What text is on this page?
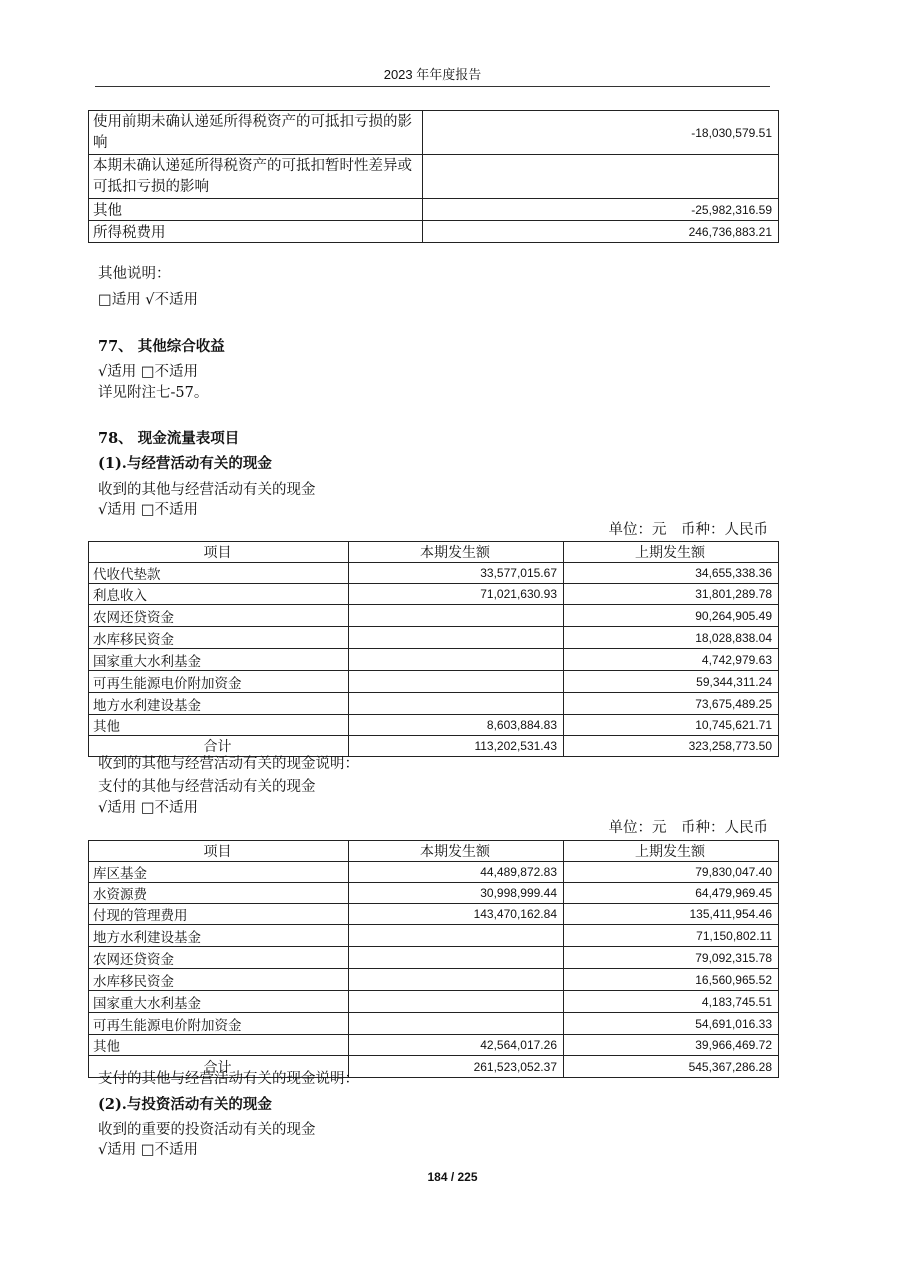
2023 年年度报告
使用前期未确认递延所得税资产的可抵扣亏损的影响	-18,030,579.51
本期未确认递延所得税资产的可抵扣暂时性差异或可抵扣亏损的影响	
其他	-25,982,316.59
所得税费用	246,736,883.21
其他说明：
□适用 √不适用
77、 其他综合收益
√适用 □不适用
详见附注七-57。
78、 现金流量表项目
(1).与经营活动有关的现金
收到的其他与经营活动有关的现金
√适用 □不适用
单位：元　币种：人民币
项目	本期发生额	上期发生额
代收代垫款	33,577,015.67	34,655,338.36
利息收入	71,021,630.93	31,801,289.78
农网还贷资金		90,264,905.49
水库移民资金		18,028,838.04
国家重大水利基金		4,742,979.63
可再生能源电价附加资金		59,344,311.24
地方水利建设基金		73,675,489.25
其他	8,603,884.83	10,745,621.71
合计	113,202,531.43	323,258,773.50
收到的其他与经营活动有关的现金说明：
支付的其他与经营活动有关的现金
√适用 □不适用
单位：元　币种：人民币
项目	本期发生额	上期发生额
库区基金	44,489,872.83	79,830,047.40
水资源费	30,998,999.44	64,479,969.45
付现的管理费用	143,470,162.84	135,411,954.46
地方水利建设基金		71,150,802.11
农网还贷资金		79,092,315.78
水库移民资金		16,560,965.52
国家重大水利基金		4,183,745.51
可再生能源电价附加资金		54,691,016.33
其他	42,564,017.26	39,966,469.72
合计	261,523,052.37	545,367,286.28
支付的其他与经营活动有关的现金说明：
(2).与投资活动有关的现金
收到的重要的投资活动有关的现金
√适用 □不适用
184 / 225
